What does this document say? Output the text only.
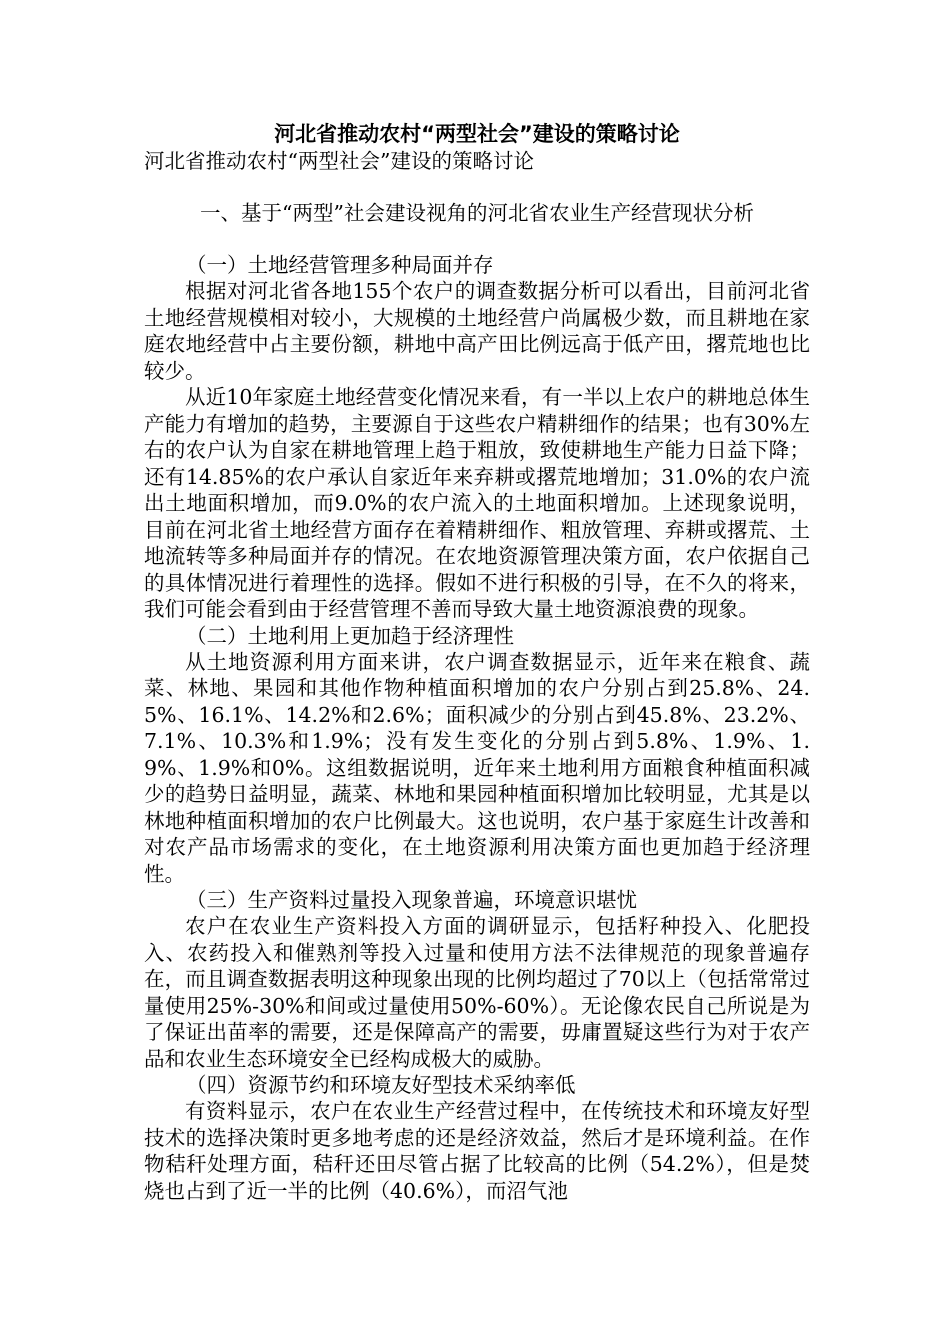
河北省推动农村“两型社会”建设的策略讨论

河北省推动农村“两型社会”建设的策略讨论

一、基于“两型”社会建设视角的河北省农业生产经营现状分析

（一）土地经营管理多种局面并存

根据对河北省各地155个农户的调查数据分析可以看出，目前河北省土地经营规模相对较小，大规模的土地经营户尚属极少数，而且耕地在家庭农地经营中占主要份额，耕地中高产田比例远高于低产田，撂荒地也比较少。

从近10年家庭土地经营变化情况来看，有一半以上农户的耕地总体生产能力有增加的趋势，主要源自于这些农户精耕细作的结果；也有30%左右的农户认为自家在耕地管理上趋于粗放，致使耕地生产能力日益下降；还有14.85%的农户承认自家近年来弃耕或撂荒地增加；31.0%的农户流出土地面积增加，而9.0%的农户流入的土地面积增加。上述现象说明，目前在河北省土地经营方面存在着精耕细作、粗放管理、弃耕或撂荒、土地流转等多种局面并存的情况。在农地资源管理决策方面，农户依据自己的具体情况进行着理性的选择。假如不进行积极的引导，在不久的将来，我们可能会看到由于经营管理不善而导致大量土地资源浪费的现象。

（二）土地利用上更加趋于经济理性

从土地资源利用方面来讲，农户调查数据显示，近年来在粮食、蔬菜、林地、果园和其他作物种植面积增加的农户分别占到25.8%、24.5%、16.1%、14.2%和2.6%；面积减少的分别占到45.8%、23.2%、7.1%、10.3%和1.9%；没有发生变化的分别占到5.8%、1.9%、1.9%、1.9%和0%。这组数据说明，近年来土地利用方面粮食种植面积减少的趋势日益明显，蔬菜、林地和果园种植面积增加比较明显，尤其是以林地种植面积增加的农户比例最大。这也说明，农户基于家庭生计改善和对农产品市场需求的变化，在土地资源利用决策方面也更加趋于经济理性。

（三）生产资料过量投入现象普遍，环境意识堪忧

农户在农业生产资料投入方面的调研显示，包括籽种投入、化肥投入、农药投入和催熟剂等投入过量和使用方法不法律规范的现象普遍存在，而且调查数据表明这种现象出现的比例均超过了70以上（包括常常过量使用25%-30%和间或过量使用50%-60%）。无论像农民自己所说是为了保证出苗率的需要，还是保障高产的需要，毋庸置疑这些行为对于农产品和农业生态环境安全已经构成极大的威胁。

（四）资源节约和环境友好型技术采纳率低

有资料显示，农户在农业生产经营过程中，在传统技术和环境友好型技术的选择决策时更多地考虑的还是经济效益，然后才是环境利益。在作物秸秆处理方面，秸秆还田尽管占据了比较高的比例（54.2%），但是焚烧也占到了近一半的比例（40.6%），而沼气池
